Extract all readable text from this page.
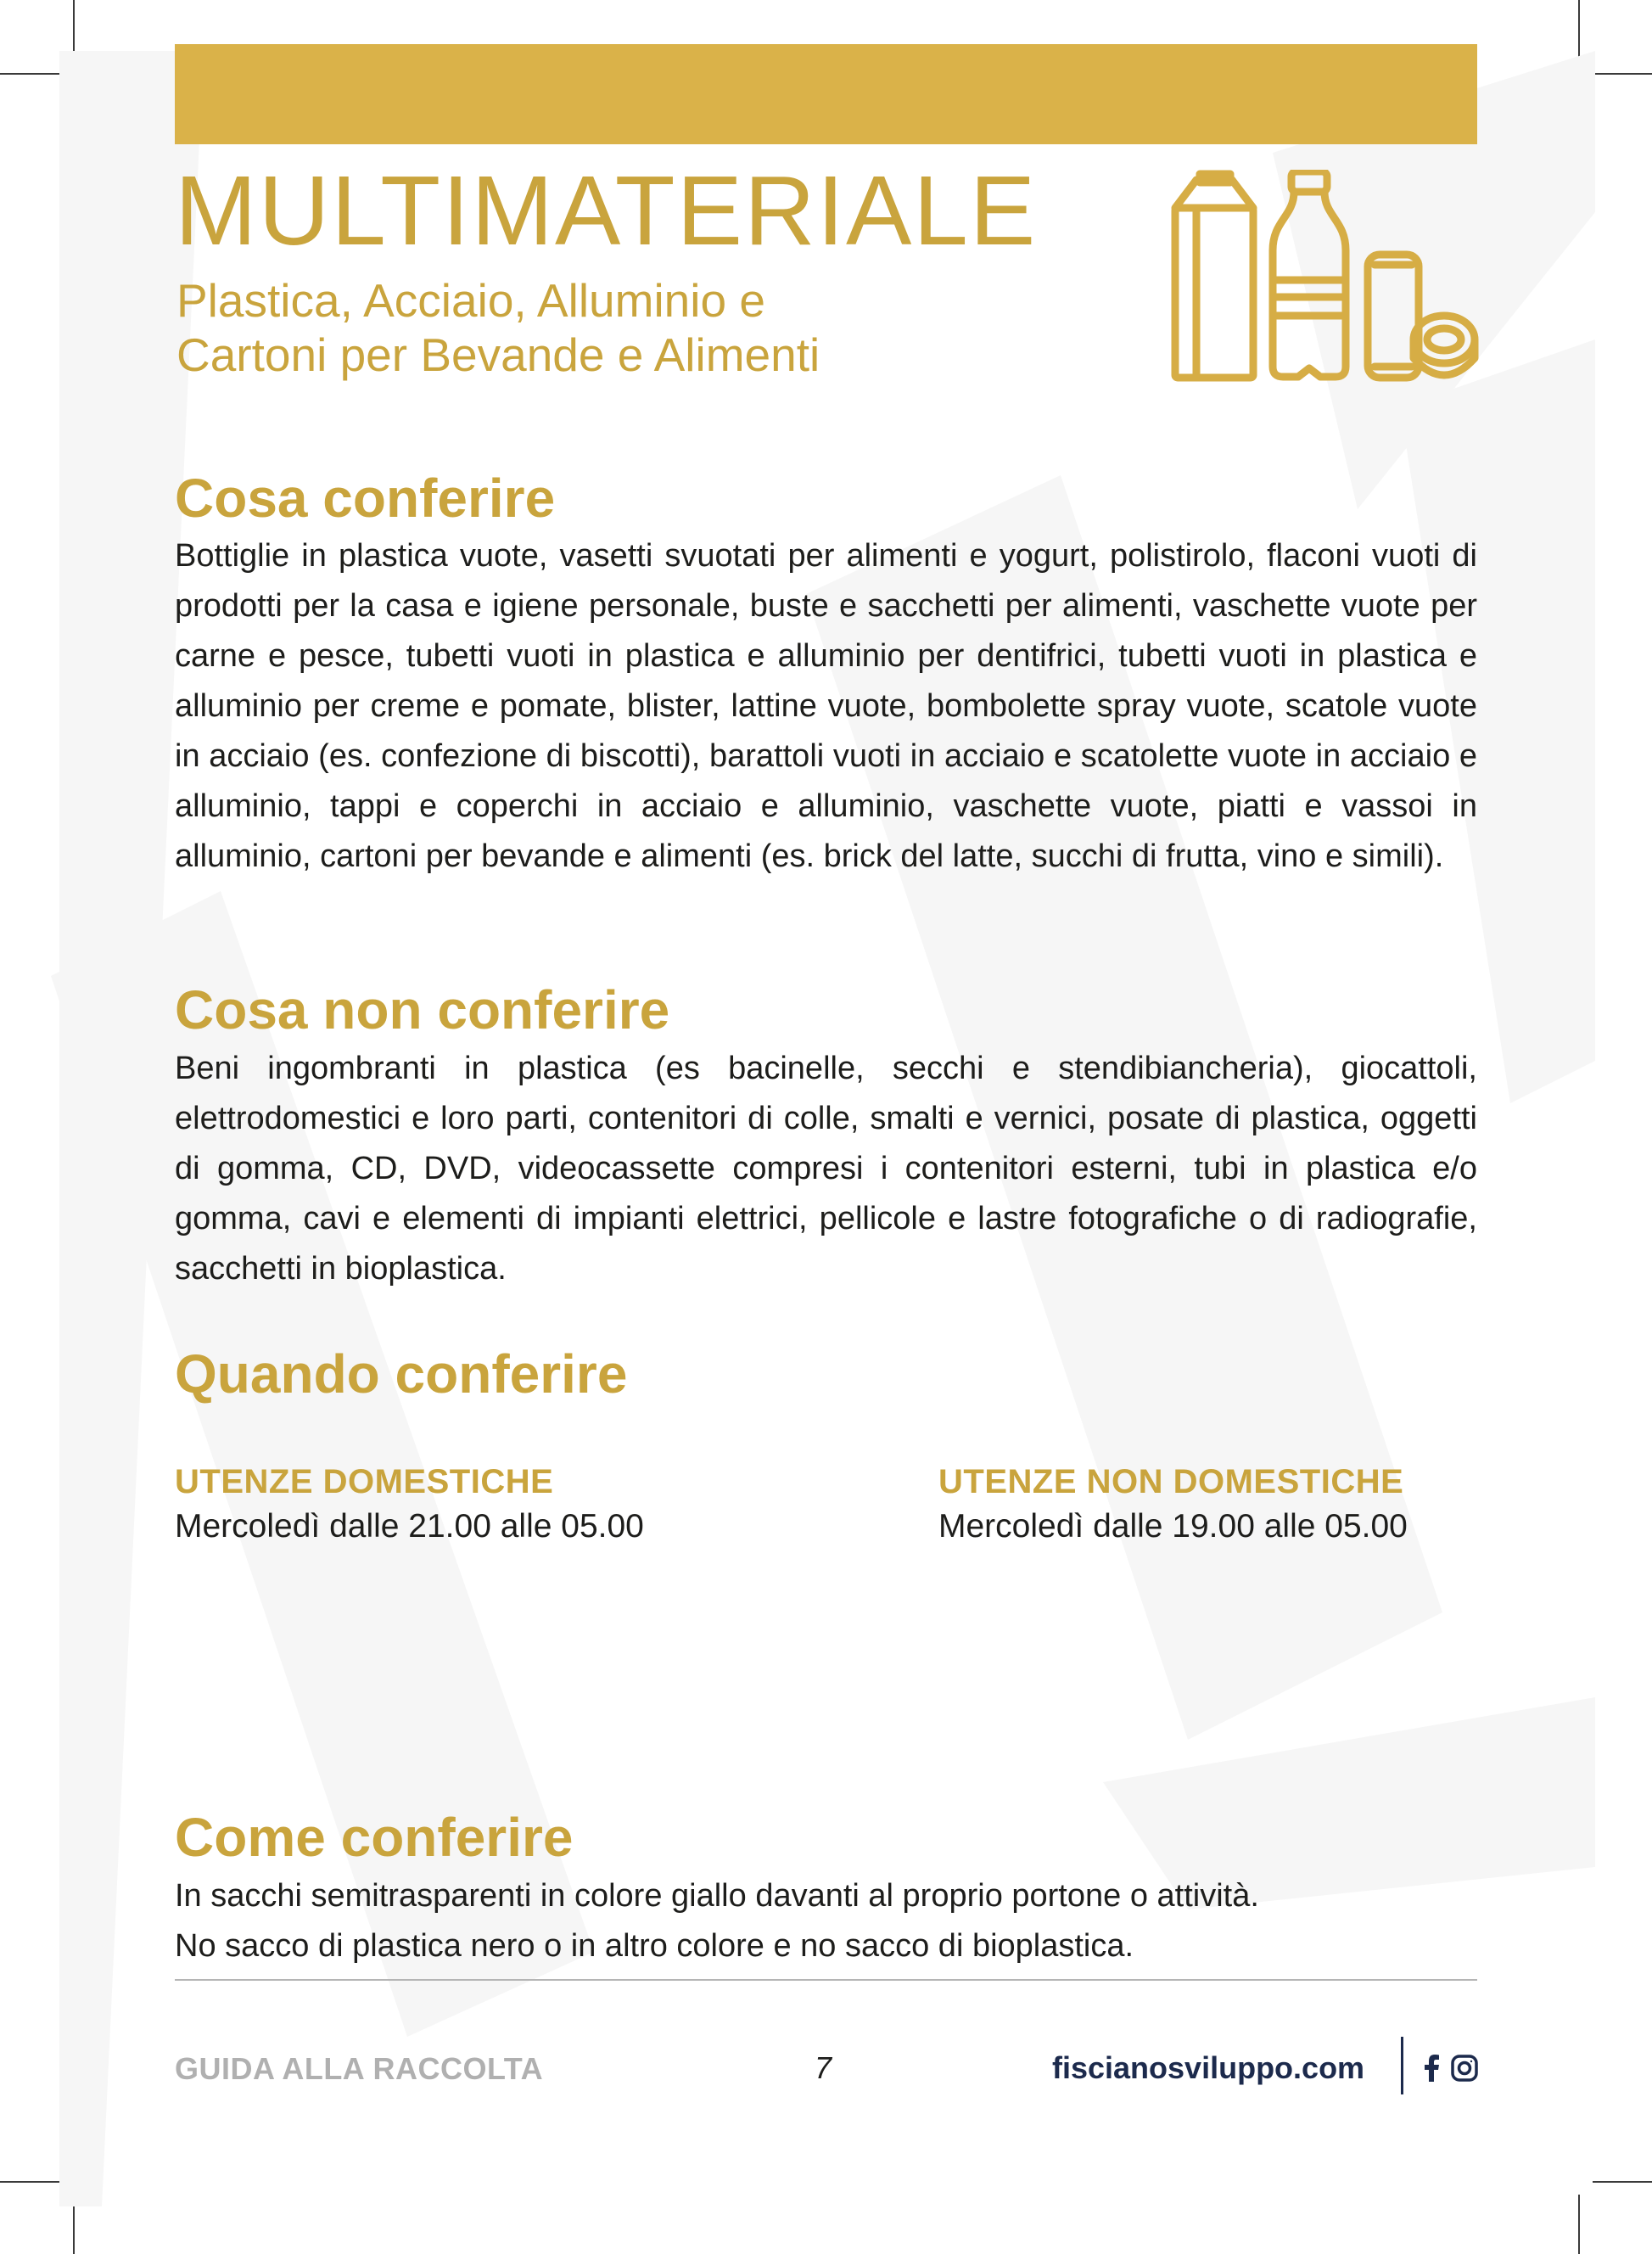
MULTIMATERIALE
Plastica, Acciaio, Alluminio e
Cartoni per Bevande e Alimenti
Cosa conferire
Bottiglie in plastica vuote, vasetti svuotati per alimenti e yogurt, polistirolo, flaconi vuoti di prodotti per la casa e igiene personale, buste e sacchetti per alimenti, vaschette vuote per carne e pesce, tubetti vuoti in plastica e alluminio per dentifrici, tubetti vuoti in plastica e alluminio per creme e pomate, blister, lattine vuote, bombolette spray vuote, scatole vuote in acciaio (es. confezione di biscotti), barattoli vuoti in acciaio e scatolette vuote in acciaio e alluminio, tappi e coperchi in acciaio e alluminio, vaschette vuote, piatti e vassoi in alluminio, cartoni per bevande e alimenti (es. brick del latte, succhi di frutta, vino e simili).
Cosa non conferire
Beni ingombranti in plastica (es bacinelle, secchi e stendibiancheria), giocattoli, elettrodomestici e loro parti, contenitori di colle, smalti e vernici, posate di plastica, oggetti di gomma, CD, DVD, videocassette compresi i contenitori esterni, tubi in plastica e/o gomma, cavi e elementi di impianti elettrici, pellicole e lastre fotografiche o di radiografie, sacchetti in bioplastica.
Quando conferire
UTENZE DOMESTICHE
Mercoledì dalle 21.00 alle 05.00
UTENZE NON DOMESTICHE
Mercoledì dalle 19.00 alle 05.00
Come conferire
In sacchi semitrasparenti in colore giallo davanti al proprio portone o attività.
No sacco di plastica nero o in altro colore e no sacco di bioplastica.
GUIDA ALLA RACCOLTA	7	fiscianosviluppo.com
